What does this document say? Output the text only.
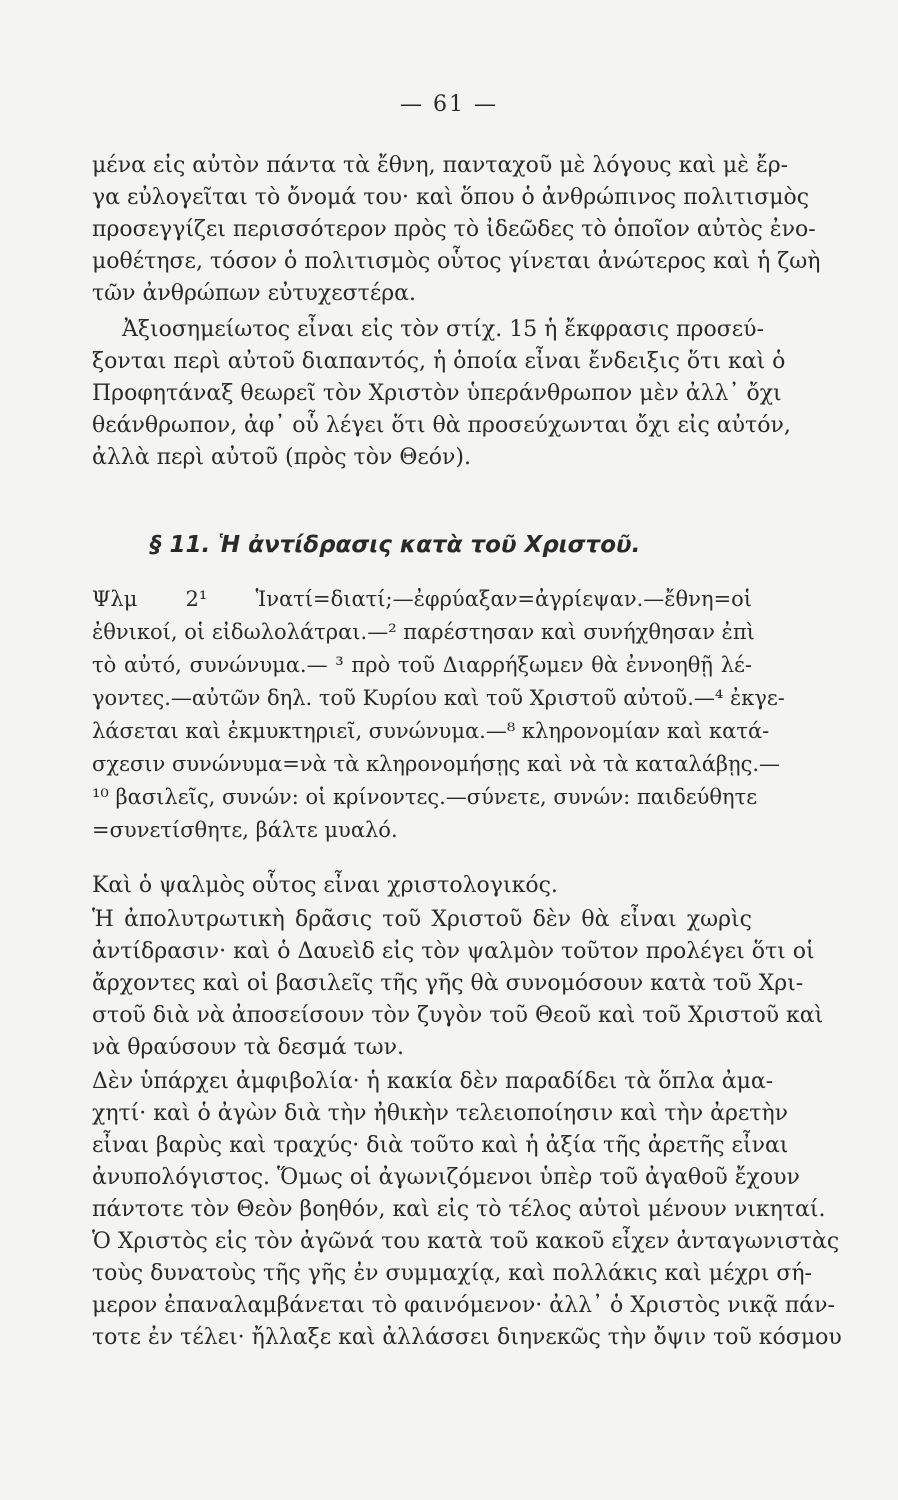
— 61 —
μένα εἰς αὐτὸν πάντα τὰ ἔθνη, πανταχοῦ μὲ λόγους καὶ μὲ ἔρ-
γα εὐλογεῖται τὸ ὄνομά του· καὶ ὅπου ὁ ἀνθρώπινος πολιτισμὸς
προσεγγίζει περισσότερον πρὸς τὸ ἰδεῶδες τὸ ὁποῖον αὐτὸς ἐνο-
μοθέτησε, τόσον ὁ πολιτισμὸς οὗτος γίνεται ἀνώτερος καὶ ἡ ζωὴ
τῶν ἀνθρώπων εὐτυχεστέρα.
Ἀξιοσημείωτος εἶναι εἰς τὸν στίχ. 15 ἡ ἔκφρασις προσεύ-
ξονται περὶ αὐτοῦ διαπαντός, ἡ ὁποία εἶναι ἔνδειξις ὅτι καὶ ὁ
Προφητάναξ θεωρεῖ τὸν Χριστὸν ὑπεράνθρωπον μὲν ἀλλ᾽ ὄχι
θεάνθρωπον, ἀφ᾽ οὗ λέγει ὅτι θὰ προσεύχωνται ὄχι εἰς αὐτόν,
ἀλλὰ περὶ αὐτοῦ (πρὸς τὸν Θεόν).
§ 11. Ἡ ἀντίδρασις κατὰ τοῦ Χριστοῦ.
Ψλμ 2¹ Ἱνατί=διατί;—ἐφρύαξαν=ἀγρίεψαν.—ἔθνη=οἱ
ἐθνικοί, οἱ εἰδωλολάτραι.—² παρέστησαν καὶ συνήχθησαν ἐπὶ
τὸ αὐτό, συνώνυμα.— ³ πρὸ τοῦ Διαρρήξωμεν θὰ ἐννοηθῇ λέ-
γοντες.—αὐτῶν δηλ. τοῦ Κυρίου καὶ τοῦ Χριστοῦ αὐτοῦ.—⁴ ἐκγε-
λάσεται καὶ ἐκμυκτηριεῖ, συνώνυμα.—⁸ κληρονομίαν καὶ κατά-
σχεσιν συνώνυμα=νὰ τὰ κληρονομήσῃς καὶ νὰ τὰ καταλάβῃς.—
¹⁰ βασιλεῖς, συνών: οἱ κρίνοντες.—σύνετε, συνών: παιδεύθητε
=συνετίσθητε, βάλτε μυαλό.
Καὶ ὁ ψαλμὸς οὗτος εἶναι χριστολογικός.
Ἡ ἀπολυτρωτικὴ δρᾶσις τοῦ Χριστοῦ δὲν θὰ εἶναι χωρὶς
ἀντίδρασιν· καὶ ὁ Δαυεὶδ εἰς τὸν ψαλμὸν τοῦτον προλέγει ὅτι οἱ
ἄρχοντες καὶ οἱ βασιλεῖς τῆς γῆς θὰ συνομόσουν κατὰ τοῦ Χρι-
στοῦ διὰ νὰ ἀποσείσουν τὸν ζυγὸν τοῦ Θεοῦ καὶ τοῦ Χριστοῦ καὶ
νὰ θραύσουν τὰ δεσμά των.
Δὲν ὑπάρχει ἀμφιβολία· ἡ κακία δὲν παραδίδει τὰ ὅπλα ἀμα-
χητί· καὶ ὁ ἀγὼν διὰ τὴν ἠθικὴν τελειοποίησιν καὶ τὴν ἀρετὴν
εἶναι βαρὺς καὶ τραχύς· διὰ τοῦτο καὶ ἡ ἀξία τῆς ἀρετῆς εἶναι
ἀνυπολόγιστος. Ὅμως οἱ ἀγωνιζόμενοι ὑπὲρ τοῦ ἀγαθοῦ ἔχουν
πάντοτε τὸν Θεὸν βοηθόν, καὶ εἰς τὸ τέλος αὐτοὶ μένουν νικηταί.
Ὁ Χριστὸς εἰς τὸν ἀγῶνά του κατὰ τοῦ κακοῦ εἶχεν ἀνταγωνιστὰς
τοὺς δυνατοὺς τῆς γῆς ἐν συμμαχίᾳ, καὶ πολλάκις καὶ μέχρι σή-
μερον ἐπαναλαμβάνεται τὸ φαινόμενον· ἀλλ᾽ ὁ Χριστὸς νικᾷ πάν-
τοτε ἐν τέλει· ἤλλαξε καὶ ἀλλάσσει διηνεκῶς τὴν ὄψιν τοῦ κόσμου
